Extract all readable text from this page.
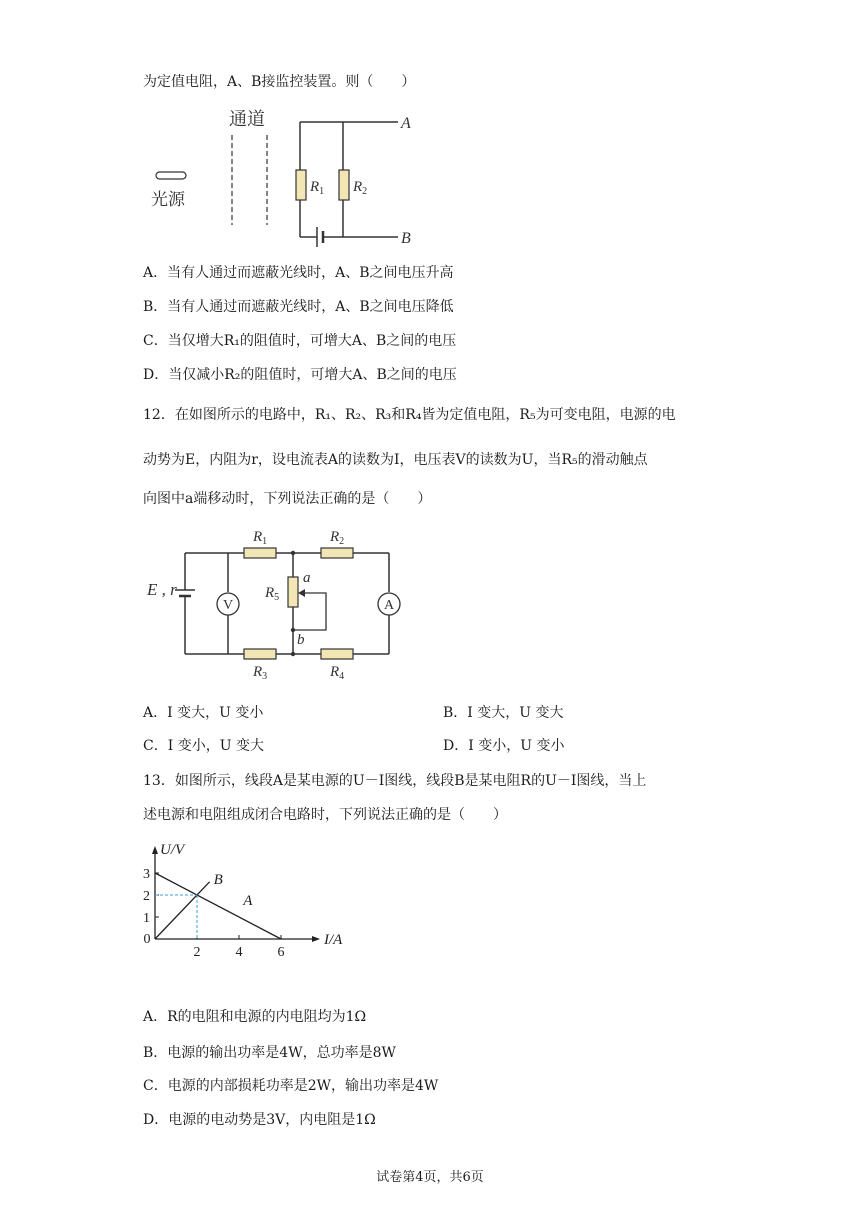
为定值电阻，A、B接监控装置。则（　　）
通道
光源
$R_1$ $R_2$
A
B
A．当有人通过而遮蔽光线时，A、B之间电压升高
B．当有人通过而遮蔽光线时，A、B之间电压降低
C．当仅增大R₁的阻值时，可增大A、B之间的电压
D．当仅减小R₂的阻值时，可增大A、B之间的电压
12．在如图所示的电路中，R₁、R₂、R₃和R₄皆为定值电阻，R₅为可变电阻，电源的电
动势为E，内阻为r，设电流表A的读数为I，电压表V的读数为U，当R₅的滑动触点
向图中a端移动时，下列说法正确的是（　　）
E , r
V	A
$R_1$	$R_2$
$R_3$	$R_4$
$R_5$
a
b
A．I 变大，U 变小	B．I 变大，U 变大
C．I 变小，U 变大	D．I 变小，U 变小
13．如图所示，线段A是某电源的U－I图线，线段B是某电阻R的U－I图线，当上
述电源和电阻组成闭合电路时，下列说法正确的是（　　）
I/A
U/V
0
2	4	6
1
2
3
A
B
A．R的电阻和电源的内电阻均为1Ω
B．电源的输出功率是4W，总功率是8W
C．电源的内部损耗功率是2W，输出功率是4W
D．电源的电动势是3V，内电阻是1Ω
试卷第4页，共6页
